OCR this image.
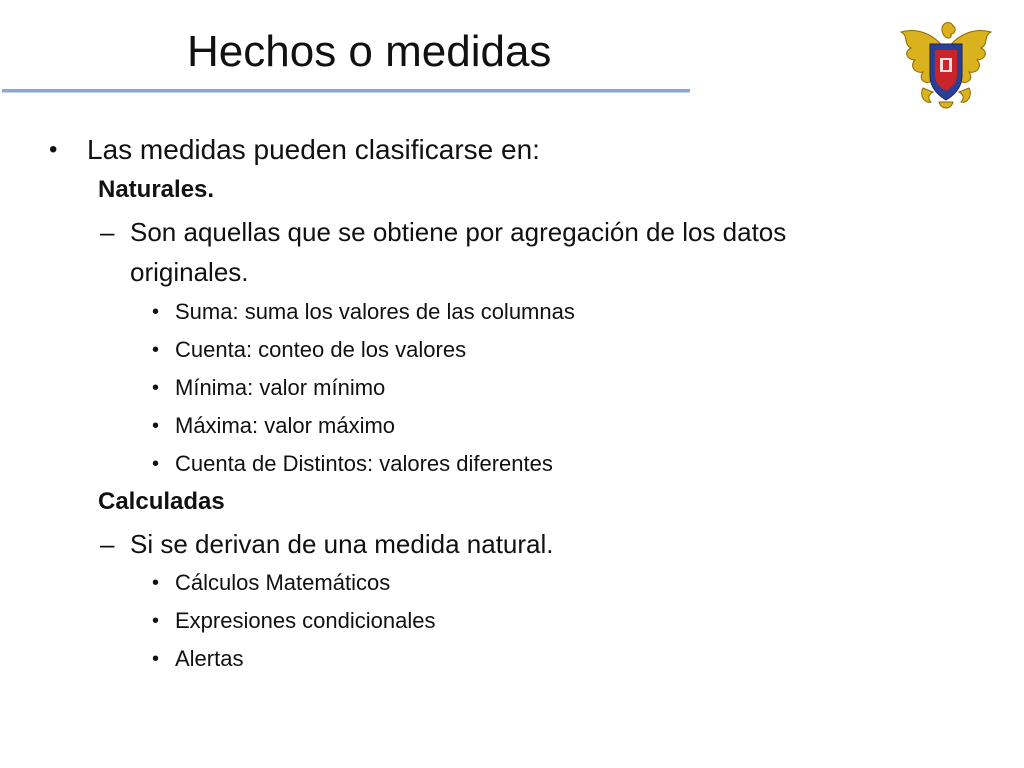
Hechos o medidas
• Las medidas pueden clasificarse en:
Naturales.
– Son aquellas que se obtiene por agregación de los datos
originales.
• Suma: suma los valores de las columnas
• Cuenta: conteo de los valores
• Mínima: valor mínimo
• Máxima: valor máximo
• Cuenta de Distintos: valores diferentes
Calculadas
– Si se derivan de una medida natural.
• Cálculos Matemáticos
• Expresiones condicionales
• Alertas
